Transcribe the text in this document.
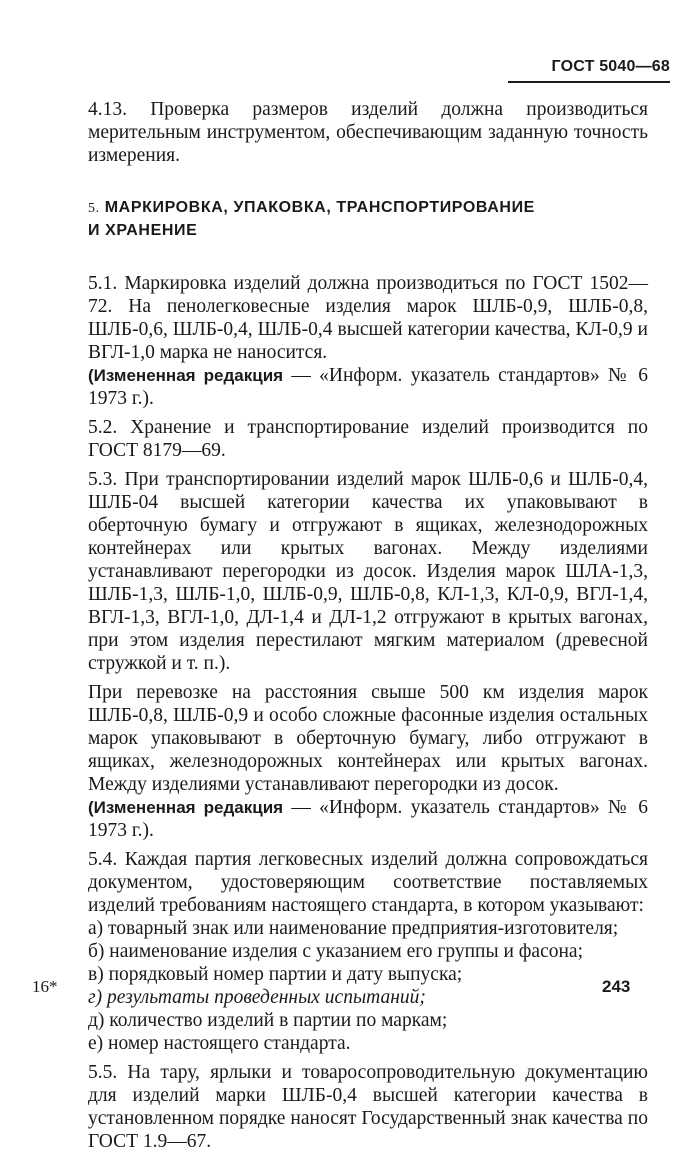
ГОСТ 5040—68

4.13. Проверка размеров изделий должна производиться мерительным инструментом, обеспечивающим заданную точность измерения.

5. МАРКИРОВКА, УПАКОВКА, ТРАНСПОРТИРОВАНИЕ

И ХРАНЕНИЕ

5.1. Маркировка изделий должна производиться по ГОСТ 1502—72. На пенолегковесные изделия марок ШЛБ-0,9, ШЛБ-0,8, ШЛБ-0,6, ШЛБ-0,4, ШЛБ-0,4 высшей категории качества, КЛ-0,9 и ВГЛ-1,0 марка не наносится.

(Измененная редакция — «Информ. указатель стандартов» № 6 1973 г.).

5.2. Хранение и транспортирование изделий производится по ГОСТ 8179—69.

5.3. При транспортировании изделий марок ШЛБ-0,6 и ШЛБ-0,4, ШЛБ-04 высшей категории качества их упаковывают в оберточную бумагу и отгружают в ящиках, железнодорожных контейнерах или крытых вагонах. Между изделиями устанавливают перегородки из досок. Изделия марок ШЛА-1,3, ШЛБ-1,3, ШЛБ-1,0, ШЛБ-0,9, ШЛБ-0,8, КЛ-1,3, КЛ-0,9, ВГЛ-1,4, ВГЛ-1,3, ВГЛ-1,0, ДЛ-1,4 и ДЛ-1,2 отгружают в крытых вагонах, при этом изделия перестилают мягким материалом (древесной стружкой и т. п.).

При перевозке на расстояния свыше 500 км изделия марок ШЛБ-0,8, ШЛБ-0,9 и особо сложные фасонные изделия остальных марок упаковывают в оберточную бумагу, либо отгружают в ящиках, железнодорожных контейнерах или крытых вагонах. Между изделиями устанавливают перегородки из досок.

(Измененная редакция — «Информ. указатель стандартов» № 6 1973 г.).

5.4. Каждая партия легковесных изделий должна сопровождаться документом, удостоверяющим соответствие поставляемых изделий требованиям настоящего стандарта, в котором указывают:

а) товарный знак или наименование предприятия-изготовителя;

б) наименование изделия с указанием его группы и фасона;

в) порядковый номер партии и дату выпуска;

г) результаты проведенных испытаний;

д) количество изделий в партии по маркам;

е) номер настоящего стандарта.

5.5. На тару, ярлыки и товаросопроводительную документацию для изделий марки ШЛБ-0,4 высшей категории качества в установленном порядке наносят Государственный знак качества по ГОСТ 1.9—67.

16*	243
